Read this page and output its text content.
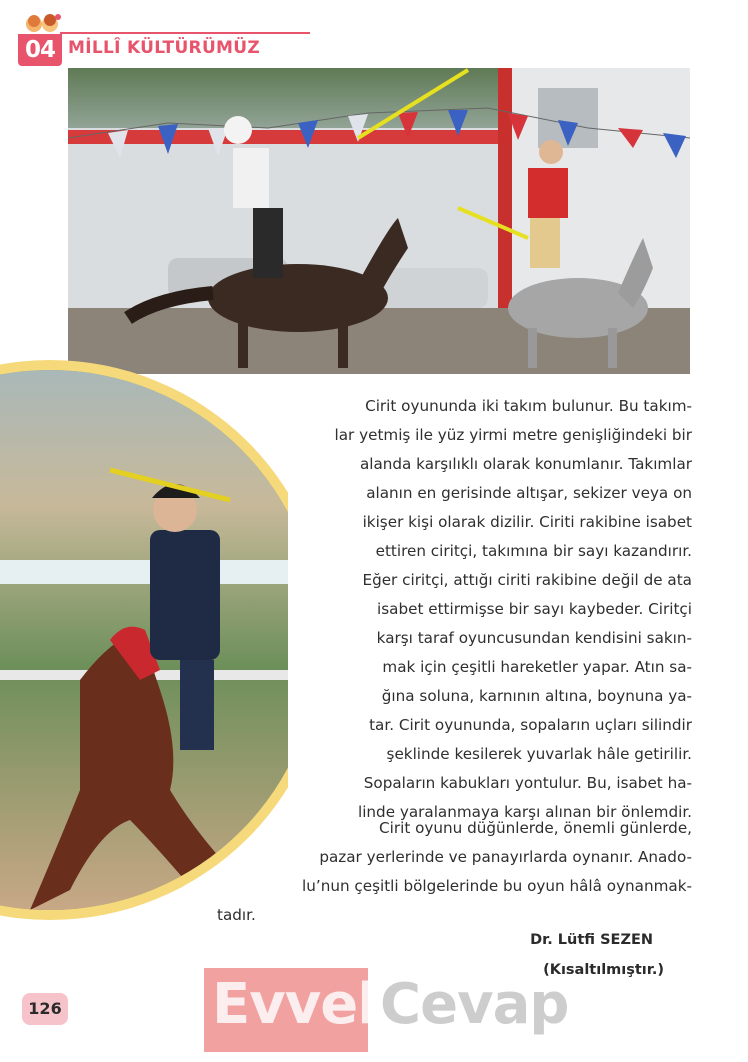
04 MİLLÎ KÜLTÜRÜMÜZ
Cirit oyununda iki takım bulunur. Bu takım-
lar yetmiş ile yüz yirmi metre genişliğindeki bir
alanda karşılıklı olarak konumlanır. Takımlar
alanın en gerisinde altışar, sekizer veya on
ikişer kişi olarak dizilir. Ciriti rakibine isabet
ettiren ciritçi, takımına bir sayı kazandırır.
Eğer ciritçi, attığı ciriti rakibine değil de ata
isabet ettirmişse bir sayı kaybeder. Ciritçi
karşı taraf oyuncusundan kendisini sakın-
mak için çeşitli hareketler yapar. Atın sa-
ğına soluna, karnının altına, boynuna ya-
tar. Cirit oyununda, sopaların uçları silindir
şeklinde kesilerek yuvarlak hâle getirilir.
Sopaların kabukları yontulur. Bu, isabet ha-
linde yaralanmaya karşı alınan bir önlemdir.
Cirit oyunu düğünlerde, önemli günlerde,
pazar yerlerinde ve panayırlarda oynanır. Anado-
lu’nun çeşitli bölgelerinde bu oyun hâlâ oynanmak-
tadır.
Dr. Lütfi SEZEN
(Kısaltılmıştır.)
126	Evvel Cevap
